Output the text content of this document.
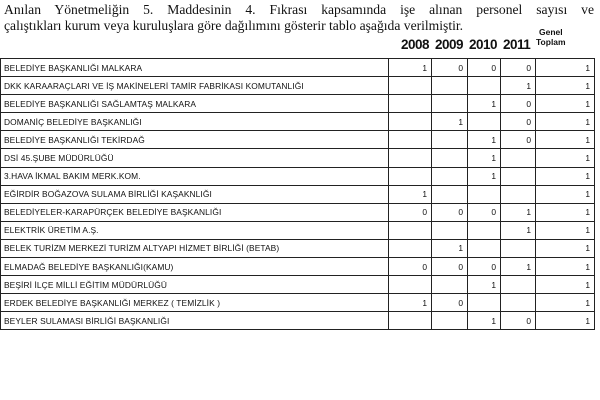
Anılan Yönetmeliğin 5. Maddesinin 4. Fıkrası kapsamında işe alınan personel sayısı ve
çalıştıkları kurum veya kuruluşlara göre dağılımını gösterir tablo aşağıda verilmiştir.
2008 2009 2010 2011
Genel
Toplam
BELEDİYE BAŞKANLIĞI MALKARA	1	0	0	0	1
DKK KARAARAÇLARI VE İŞ MAKİNELERİ TAMİR FABRİKASI KOMUTANLIĞI				1	1
BELEDİYE BAŞKANLIĞI SAĞLAMTAŞ MALKARA			1	0	1
DOMANİÇ BELEDİYE BAŞKANLIĞI		1		0	1
BELEDİYE BAŞKANLIĞI TEKİRDAĞ			1	0	1
DSİ 45.ŞUBE MÜDÜRLÜĞÜ			1		1
3.HAVA İKMAL BAKIM MERK.KOM.			1		1
EĞİRDİR BOĞAZOVA SULAMA BİRLİĞİ KAŞAKNLIĞI	1				1
BELEDİYELER-KARAPÜRÇEK BELEDİYE BAŞKANLIĞI	0	0	0	1	1
ELEKTRİK ÜRETİM A.Ş.				1	1
BELEK TURİZM MERKEZİ TURİZM ALTYAPI HİZMET BİRLİĞİ (BETAB)		1			1
ELMADAĞ BELEDİYE BAŞKANLIĞI(KAMU)	0	0	0	1	1
BEŞİRİ İLÇE MİLLİ EĞİTİM MÜDÜRLÜĞÜ			1		1
ERDEK BELEDİYE BAŞKANLIĞI MERKEZ ( TEMİZLİK )	1	0			1
BEYLER SULAMASI BİRLİĞİ BAŞKANLIĞI			1	0	1
